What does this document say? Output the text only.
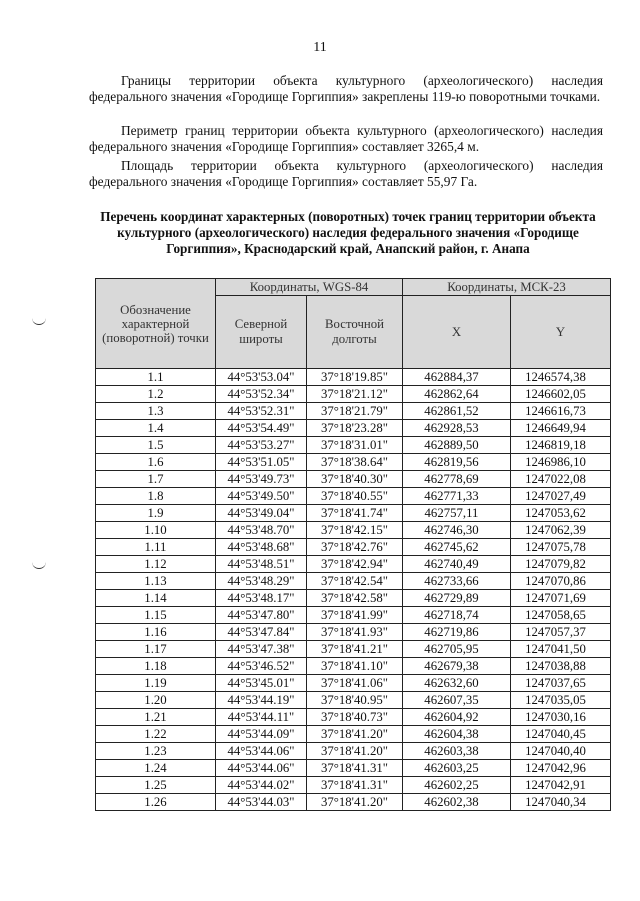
11

Границы территории объекта культурного (археологического) наследия федерального значения «Городище Горгиппия» закреплены 119-ю поворотными точками.

Периметр границ территории объекта культурного (археологического) наследия федерального значения «Городище Горгиппия» составляет 3265,4 м.

Площадь территории объекта культурного (археологического) наследия федерального значения «Городище Горгиппия» составляет 55,97 Га.

Перечень координат характерных (поворотных) точек границ территории объекта культурного (археологического) наследия федерального значения «Городище Горгиппия», Краснодарский край, Анапский район, г. Анапа
Обозначение характерной (поворотной) точки	Координаты, WGS-84		Координаты, МСК-23	
	Северной широты	Восточной долготы	X	Y
1.1	44°53'53.04"	37°18'19.85"	462884,37	1246574,38
1.2	44°53'52.34"	37°18'21.12"	462862,64	1246602,05
1.3	44°53'52.31"	37°18'21.79"	462861,52	1246616,73
1.4	44°53'54.49"	37°18'23.28"	462928,53	1246649,94
1.5	44°53'53.27"	37°18'31.01"	462889,50	1246819,18
1.6	44°53'51.05"	37°18'38.64"	462819,56	1246986,10
1.7	44°53'49.73"	37°18'40.30"	462778,69	1247022,08
1.8	44°53'49.50"	37°18'40.55"	462771,33	1247027,49
1.9	44°53'49.04"	37°18'41.74"	462757,11	1247053,62
1.10	44°53'48.70"	37°18'42.15"	462746,30	1247062,39
1.11	44°53'48.68"	37°18'42.76"	462745,62	1247075,78
1.12	44°53'48.51"	37°18'42.94"	462740,49	1247079,82
1.13	44°53'48.29"	37°18'42.54"	462733,66	1247070,86
1.14	44°53'48.17"	37°18'42.58"	462729,89	1247071,69
1.15	44°53'47.80"	37°18'41.99"	462718,74	1247058,65
1.16	44°53'47.84"	37°18'41.93"	462719,86	1247057,37
1.17	44°53'47.38"	37°18'41.21"	462705,95	1247041,50
1.18	44°53'46.52"	37°18'41.10"	462679,38	1247038,88
1.19	44°53'45.01"	37°18'41.06"	462632,60	1247037,65
1.20	44°53'44.19"	37°18'40.95"	462607,35	1247035,05
1.21	44°53'44.11"	37°18'40.73"	462604,92	1247030,16
1.22	44°53'44.09"	37°18'41.20"	462604,38	1247040,45
1.23	44°53'44.06"	37°18'41.20"	462603,38	1247040,40
1.24	44°53'44.06"	37°18'41.31"	462603,25	1247042,96
1.25	44°53'44.02"	37°18'41.31"	462602,25	1247042,91
1.26	44°53'44.03"	37°18'41.20"	462602,38	1247040,34
